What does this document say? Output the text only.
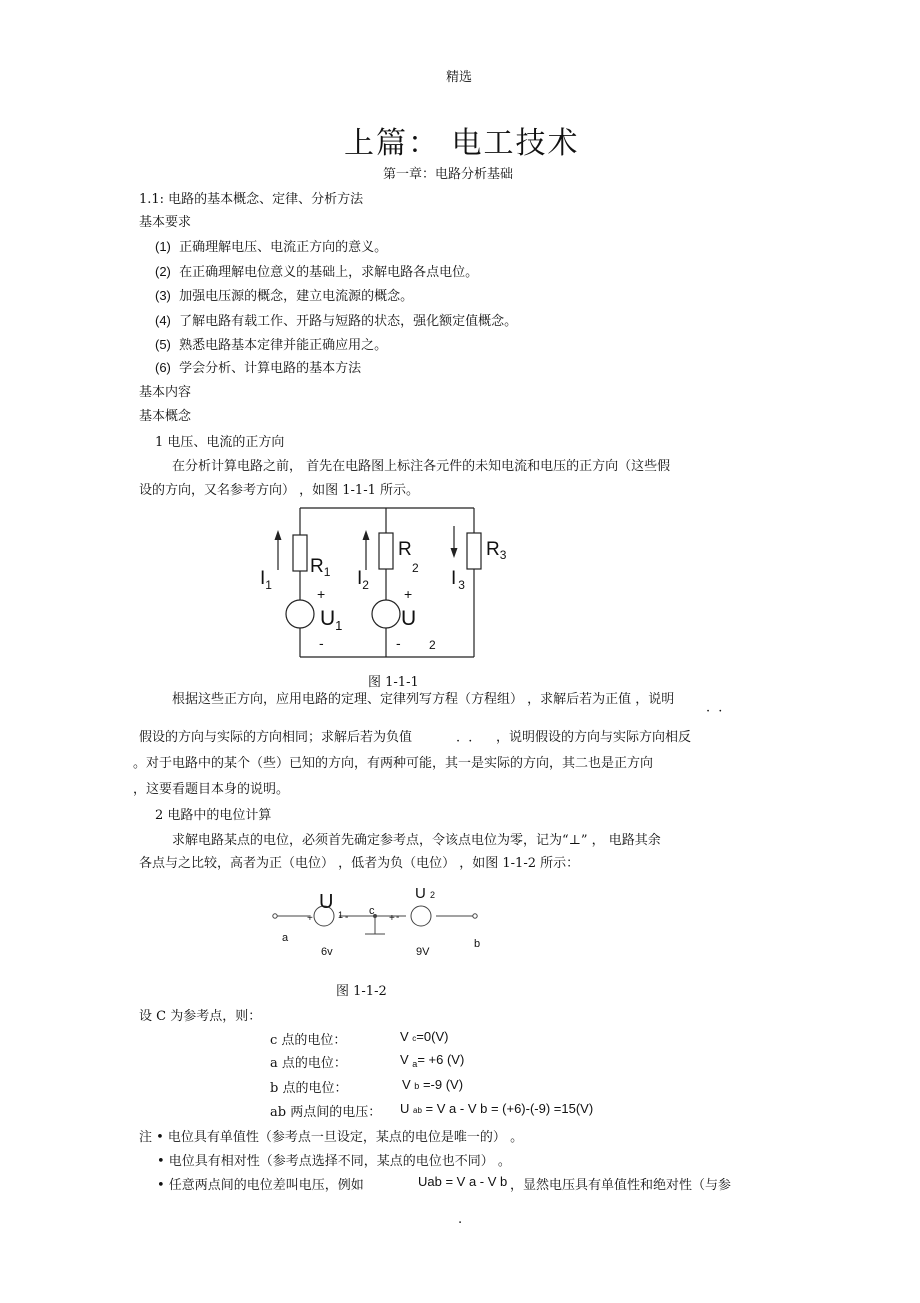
精选
上篇： 电工技术
第一章：电路分析基础
1.1: 电路的基本概念、定律、分析方法
基本要求
(1) 正确理解电压、电流正方向的意义。
(2) 在正确理解电位意义的基础上，求解电路各点电位。
(3) 加强电压源的概念，建立电流源的概念。
(4) 了解电路有载工作、开路与短路的状态，强化额定值概念。
(5) 熟悉电路基本定律并能正确应用之。
(6) 学会分析、计算电路的基本方法
基本内容
基本概念
1 电压、电流的正方向
在分析计算电路之前， 首先在电路图上标注各元件的未知电流和电压的正方向（这些假
设的方向，又名参考方向） ，如图 1-1-1 所示。
$R_1$
R
2
$R_3$
$I_1$	$I_2$	I $_3$
+	+
$U_1$	U
-	- 2
图 1-1-1
根据这些正方向，应用电路的定理、定律列写方程（方程组） ，求解后若为正值 ，说明
· ·
假设的方向与实际的方向相同；求解后若为负值	· · ，说明假设的方向与实际方向相反
。对于电路中的某个（些）已知的方向，有两种可能，其一是实际的方向，其二也是正方向
，这要看题目本身的说明。
2 电路中的电位计算
求解电路某点的电位，必须首先确定参考点，令该点电位为零，记为“⊥” ， 电路其余
各点与之比较，高者为正（电位） ，低者为负（电位） ，如图 1-1-2 所示：
U
1 -
+
c
+ -
U 2
a	b
6v	9V
图 1-1-2
设 C 为参考点，则：
c 点的电位：	V c=0(V)
a 点的电位：	V $_a$= +6 (V)
b 点的电位：	V b =-9 (V)
ab 两点间的电压： U ab = V a - V b = (+6)-(-9) =15(V)
注 • 电位具有单值性（参考点一旦设定，某点的电位是唯一的） 。
• 电位具有相对性（参考点选择不同，某点的电位也不同） 。
• 任意两点间的电位差叫电压，例如	Uab = V a - V b ，显然电压具有单值性和绝对性（与参
.
